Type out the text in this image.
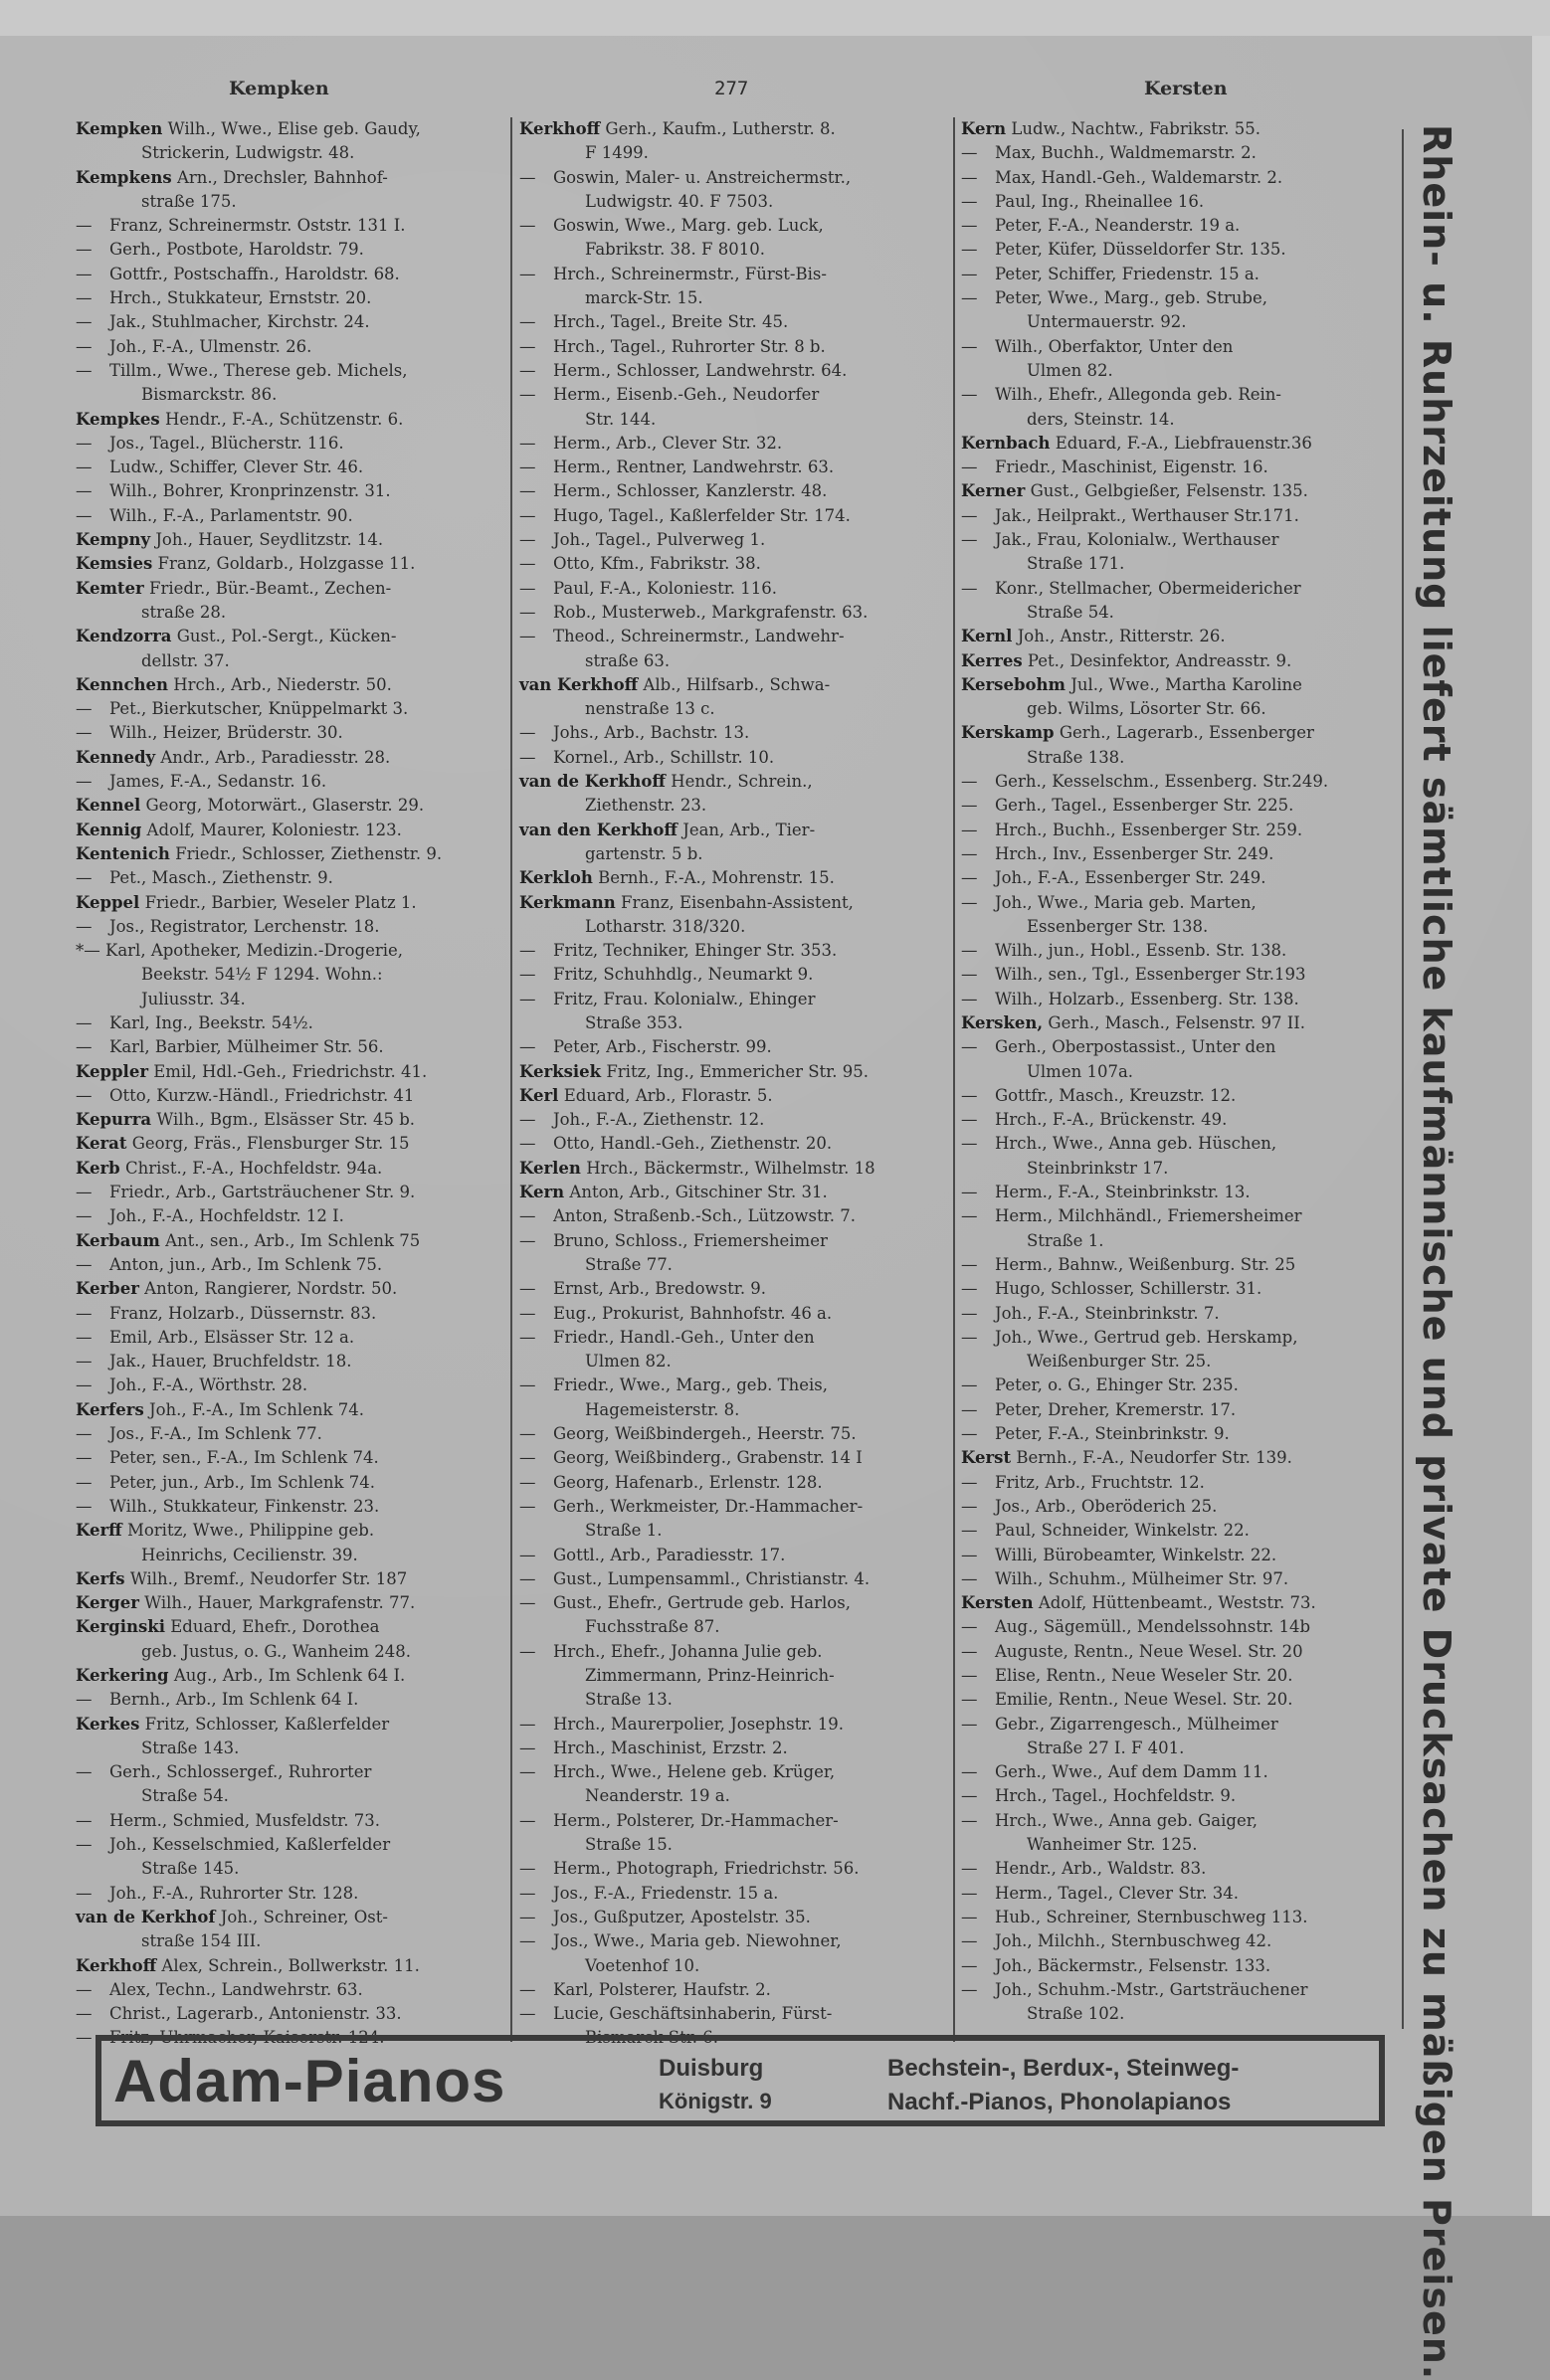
Kempken	277	Kersten
Kempken Wilh., Wwe., Elise geb. Gaudy,
Strickerin, Ludwigstr. 48.
Kempkens Arn., Drechsler, Bahnhof-
straße 175.
— Franz, Schreinermstr. Oststr. 131 I.
— Gerh., Postbote, Haroldstr. 79.
— Gottfr., Postschaffn., Haroldstr. 68.
— Hrch., Stukkateur, Ernststr. 20.
— Jak., Stuhlmacher, Kirchstr. 24.
— Joh., F.-A., Ulmenstr. 26.
— Tillm., Wwe., Therese geb. Michels,
Bismarckstr. 86.
Kempkes Hendr., F.-A., Schützenstr. 6.
— Jos., Tagel., Blücherstr. 116.
— Ludw., Schiffer, Clever Str. 46.
— Wilh., Bohrer, Kronprinzenstr. 31.
— Wilh., F.-A., Parlamentstr. 90.
Kempny Joh., Hauer, Seydlitzstr. 14.
Kemsies Franz, Goldarb., Holzgasse 11.
Kemter Friedr., Bür.-Beamt., Zechen-
straße 28.
Kendzorra Gust., Pol.-Sergt., Kücken-
dellstr. 37.
Kennchen Hrch., Arb., Niederstr. 50.
— Pet., Bierkutscher, Knüppelmarkt 3.
— Wilh., Heizer, Brüderstr. 30.
Kennedy Andr., Arb., Paradiesstr. 28.
— James, F.-A., Sedanstr. 16.
Kennel Georg, Motorwärt., Glaserstr. 29.
Kennig Adolf, Maurer, Koloniestr. 123.
Kentenich Friedr., Schlosser, Ziethenstr. 9.
— Pet., Masch., Ziethenstr. 9.
Keppel Friedr., Barbier, Weseler Platz 1.
— Jos., Registrator, Lerchenstr. 18.
*— Karl, Apotheker, Medizin.-Drogerie,
Beekstr. 54½ F 1294. Wohn.:
Juliusstr. 34.
— Karl, Ing., Beekstr. 54½.
— Karl, Barbier, Mülheimer Str. 56.
Keppler Emil, Hdl.-Geh., Friedrichstr. 41.
— Otto, Kurzw.-Händl., Friedrichstr. 41
Kepurra Wilh., Bgm., Elsässer Str. 45 b.
Kerat Georg, Fräs., Flensburger Str. 15
Kerb Christ., F.-A., Hochfeldstr. 94a.
— Friedr., Arb., Gartsträuchener Str. 9.
— Joh., F.-A., Hochfeldstr. 12 I.
Kerbaum Ant., sen., Arb., Im Schlenk 75
— Anton, jun., Arb., Im Schlenk 75.
Kerber Anton, Rangierer, Nordstr. 50.
— Franz, Holzarb., Düssernstr. 83.
— Emil, Arb., Elsässer Str. 12 a.
— Jak., Hauer, Bruchfeldstr. 18.
— Joh., F.-A., Wörthstr. 28.
Kerfers Joh., F.-A., Im Schlenk 74.
— Jos., F.-A., Im Schlenk 77.
— Peter, sen., F.-A., Im Schlenk 74.
— Peter, jun., Arb., Im Schlenk 74.
— Wilh., Stukkateur, Finkenstr. 23.
Kerff Moritz, Wwe., Philippine geb.
Heinrichs, Cecilienstr. 39.
Kerfs Wilh., Bremf., Neudorfer Str. 187
Kerger Wilh., Hauer, Markgrafenstr. 77.
Kerginski Eduard, Ehefr., Dorothea
geb. Justus, o. G., Wanheim 248.
Kerkering Aug., Arb., Im Schlenk 64 I.
— Bernh., Arb., Im Schlenk 64 I.
Kerkes Fritz, Schlosser, Kaßlerfelder
Straße 143.
— Gerh., Schlossergef., Ruhrorter
Straße 54.
— Herm., Schmied, Musfeldstr. 73.
— Joh., Kesselschmied, Kaßlerfelder
Straße 145.
— Joh., F.-A., Ruhrorter Str. 128.
van de Kerkhof Joh., Schreiner, Ost-
straße 154 III.
Kerkhoff Alex, Schrein., Bollwerkstr. 11.
— Alex, Techn., Landwehrstr. 63.
— Christ., Lagerarb., Antonienstr. 33.
— Fritz, Uhrmacher, Kaiserstr. 124.
Kerkhoff Gerh., Kaufm., Lutherstr. 8.
F 1499.
— Goswin, Maler- u. Anstreichermstr.,
Ludwigstr. 40. F 7503.
— Goswin, Wwe., Marg. geb. Luck,
Fabrikstr. 38. F 8010.
— Hrch., Schreinermstr., Fürst-Bis-
marck-Str. 15.
— Hrch., Tagel., Breite Str. 45.
— Hrch., Tagel., Ruhrorter Str. 8 b.
— Herm., Schlosser, Landwehrstr. 64.
— Herm., Eisenb.-Geh., Neudorfer
Str. 144.
— Herm., Arb., Clever Str. 32.
— Herm., Rentner, Landwehrstr. 63.
— Herm., Schlosser, Kanzlerstr. 48.
— Hugo, Tagel., Kaßlerfelder Str. 174.
— Joh., Tagel., Pulverweg 1.
— Otto, Kfm., Fabrikstr. 38.
— Paul, F.-A., Koloniestr. 116.
— Rob., Musterweb., Markgrafenstr. 63.
— Theod., Schreinermstr., Landwehr-
straße 63.
van Kerkhoff Alb., Hilfsarb., Schwa-
nenstraße 13 c.
— Johs., Arb., Bachstr. 13.
— Kornel., Arb., Schillstr. 10.
van de Kerkhoff Hendr., Schrein.,
Ziethenstr. 23.
van den Kerkhoff Jean, Arb., Tier-
gartenstr. 5 b.
Kerkloh Bernh., F.-A., Mohrenstr. 15.
Kerkmann Franz, Eisenbahn-Assistent,
Lotharstr. 318/320.
— Fritz, Techniker, Ehinger Str. 353.
— Fritz, Schuhhdlg., Neumarkt 9.
— Fritz, Frau. Kolonialw., Ehinger
Straße 353.
— Peter, Arb., Fischerstr. 99.
Kerksiek Fritz, Ing., Emmericher Str. 95.
Kerl Eduard, Arb., Florastr. 5.
— Joh., F.-A., Ziethenstr. 12.
— Otto, Handl.-Geh., Ziethenstr. 20.
Kerlen Hrch., Bäckermstr., Wilhelmstr. 18
Kern Anton, Arb., Gitschiner Str. 31.
— Anton, Straßenb.-Sch., Lützowstr. 7.
— Bruno, Schloss., Friemersheimer
Straße 77.
— Ernst, Arb., Bredowstr. 9.
— Eug., Prokurist, Bahnhofstr. 46 a.
— Friedr., Handl.-Geh., Unter den
Ulmen 82.
— Friedr., Wwe., Marg., geb. Theis,
Hagemeisterstr. 8.
— Georg, Weißbindergeh., Heerstr. 75.
— Georg, Weißbinderg., Grabenstr. 14 I
— Georg, Hafenarb., Erlenstr. 128.
— Gerh., Werkmeister, Dr.-Hammacher-
Straße 1.
— Gottl., Arb., Paradiesstr. 17.
— Gust., Lumpensamml., Christianstr. 4.
— Gust., Ehefr., Gertrude geb. Harlos,
Fuchsstraße 87.
— Hrch., Ehefr., Johanna Julie geb.
Zimmermann, Prinz-Heinrich-
Straße 13.
— Hrch., Maurerpolier, Josephstr. 19.
— Hrch., Maschinist, Erzstr. 2.
— Hrch., Wwe., Helene geb. Krüger,
Neanderstr. 19 a.
— Herm., Polsterer, Dr.-Hammacher-
Straße 15.
— Herm., Photograph, Friedrichstr. 56.
— Jos., F.-A., Friedenstr. 15 a.
— Jos., Gußputzer, Apostelstr. 35.
— Jos., Wwe., Maria geb. Niewohner,
Voetenhof 10.
— Karl, Polsterer, Haufstr. 2.
— Lucie, Geschäftsinhaberin, Fürst-
Bismarck-Str. 6.
Kern Ludw., Nachtw., Fabrikstr. 55.
— Max, Buchh., Waldmemarstr. 2.
— Max, Handl.-Geh., Waldemarstr. 2.
— Paul, Ing., Rheinallee 16.
— Peter, F.-A., Neanderstr. 19 a.
— Peter, Küfer, Düsseldorfer Str. 135.
— Peter, Schiffer, Friedenstr. 15 a.
— Peter, Wwe., Marg., geb. Strube,
Untermauerstr. 92.
— Wilh., Oberfaktor, Unter den
Ulmen 82.
— Wilh., Ehefr., Allegonda geb. Rein-
ders, Steinstr. 14.
Kernbach Eduard, F.-A., Liebfrauenstr.36
— Friedr., Maschinist, Eigenstr. 16.
Kerner Gust., Gelbgießer, Felsenstr. 135.
— Jak., Heilprakt., Werthauser Str.171.
— Jak., Frau, Kolonialw., Werthauser
Straße 171.
— Konr., Stellmacher, Obermeidericher
Straße 54.
Kernl Joh., Anstr., Ritterstr. 26.
Kerres Pet., Desinfektor, Andreasstr. 9.
Kersebohm Jul., Wwe., Martha Karoline
geb. Wilms, Lösorter Str. 66.
Kerskamp Gerh., Lagerarb., Essenberger
Straße 138.
— Gerh., Kesselschm., Essenberg. Str.249.
— Gerh., Tagel., Essenberger Str. 225.
— Hrch., Buchh., Essenberger Str. 259.
— Hrch., Inv., Essenberger Str. 249.
— Joh., F.-A., Essenberger Str. 249.
— Joh., Wwe., Maria geb. Marten,
Essenberger Str. 138.
— Wilh., jun., Hobl., Essenb. Str. 138.
— Wilh., sen., Tgl., Essenberger Str.193
— Wilh., Holzarb., Essenberg. Str. 138.
Kersken, Gerh., Masch., Felsenstr. 97 II.
— Gerh., Oberpostassist., Unter den
Ulmen 107a.
— Gottfr., Masch., Kreuzstr. 12.
— Hrch., F.-A., Brückenstr. 49.
— Hrch., Wwe., Anna geb. Hüschen,
Steinbrinkstr 17.
— Herm., F.-A., Steinbrinkstr. 13.
— Herm., Milchhändl., Friemersheimer
Straße 1.
— Herm., Bahnw., Weißenburg. Str. 25
— Hugo, Schlosser, Schillerstr. 31.
— Joh., F.-A., Steinbrinkstr. 7.
— Joh., Wwe., Gertrud geb. Herskamp,
Weißenburger Str. 25.
— Peter, o. G., Ehinger Str. 235.
— Peter, Dreher, Kremerstr. 17.
— Peter, F.-A., Steinbrinkstr. 9.
Kerst Bernh., F.-A., Neudorfer Str. 139.
— Fritz, Arb., Fruchtstr. 12.
— Jos., Arb., Oberöderich 25.
— Paul, Schneider, Winkelstr. 22.
— Willi, Bürobeamter, Winkelstr. 22.
— Wilh., Schuhm., Mülheimer Str. 97.
Kersten Adolf, Hüttenbeamt., Weststr. 73.
— Aug., Sägemüll., Mendelssohnstr. 14b
— Auguste, Rentn., Neue Wesel. Str. 20
— Elise, Rentn., Neue Weseler Str. 20.
— Emilie, Rentn., Neue Wesel. Str. 20.
— Gebr., Zigarrengesch., Mülheimer
Straße 27 I. F 401.
— Gerh., Wwe., Auf dem Damm 11.
— Hrch., Tagel., Hochfeldstr. 9.
— Hrch., Wwe., Anna geb. Gaiger,
Wanheimer Str. 125.
— Hendr., Arb., Waldstr. 83.
— Herm., Tagel., Clever Str. 34.
— Hub., Schreiner, Sternbuschweg 113.
— Joh., Milchh., Sternbuschweg 42.
— Joh., Bäckermstr., Felsenstr. 133.
— Joh., Schuhm.-Mstr., Gartsträuchener
Straße 102.	Rhein- u. Ruhrzeitung liefert sämtliche kaufmännische und private Drucksachen zu mäßigen Preisen.
Adam-Pianos	Duisburg
Königstr. 9
Bechstein-, Berdux-, Steinweg-
Nachf.-Pianos, Phonolapianos
